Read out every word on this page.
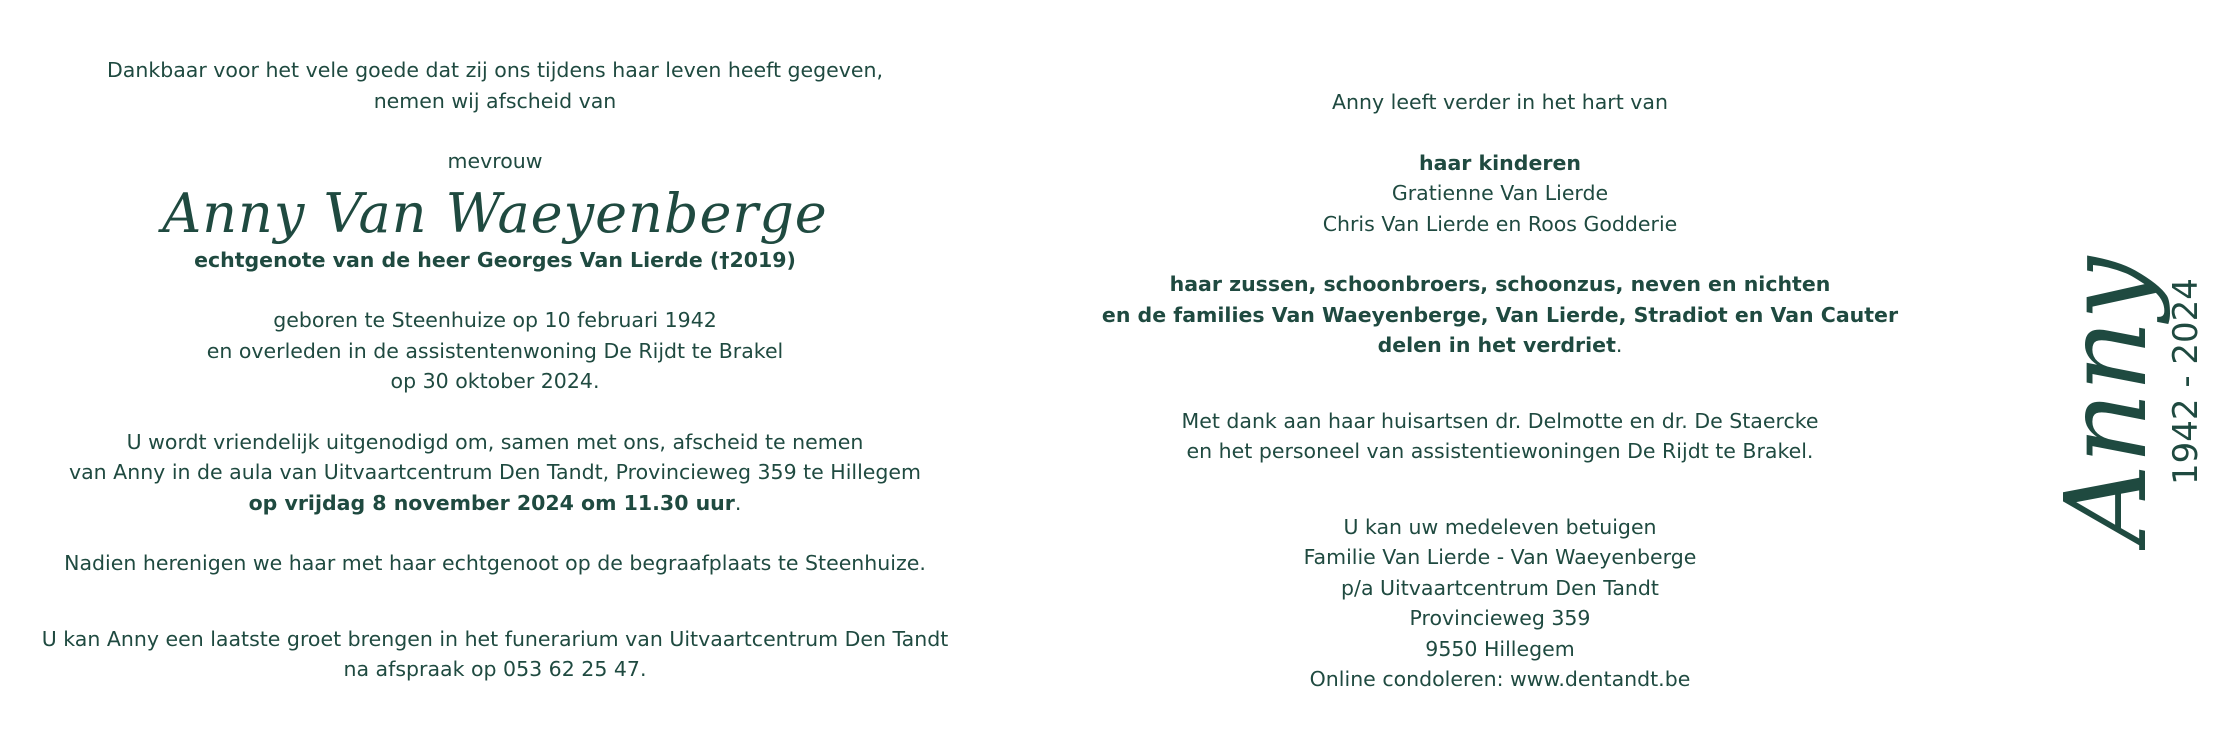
Dankbaar voor het vele goede dat zij ons tijdens haar leven heeft gegeven,

nemen wij afscheid van

mevrouw

Anny Van Waeyenberge

echtgenote van de heer Georges Van Lierde (†2019)

geboren te Steenhuize op 10 februari 1942

en overleden in de assistentenwoning De Rijdt te Brakel

op 30 oktober 2024.

U wordt vriendelijk uitgenodigd om, samen met ons, afscheid te nemen

van Anny in de aula van Uitvaartcentrum Den Tandt, Provincieweg 359 te Hillegem

op vrijdag 8 november 2024 om 11.30 uur.

Nadien herenigen we haar met haar echtgenoot op de begraafplaats te Steenhuize.

U kan Anny een laatste groet brengen in het funerarium van Uitvaartcentrum Den Tandt

na afspraak op 053 62 25 47.

Anny leeft verder in het hart van

haar kinderen

Gratienne Van Lierde

Chris Van Lierde en Roos Godderie

haar zussen, schoonbroers, schoonzus, neven en nichten

en de families Van Waeyenberge, Van Lierde, Stradiot en Van Cauter

delen in het verdriet.

Met dank aan haar huisartsen dr. Delmotte en dr. De Staercke

en het personeel van assistentiewoningen De Rijdt te Brakel.

U kan uw medeleven betuigen

Familie Van Lierde - Van Waeyenberge

p/a Uitvaartcentrum Den Tandt

Provincieweg 359

9550 Hillegem

Online condoleren: www.dentandt.be

Anny
1942 - 2024
